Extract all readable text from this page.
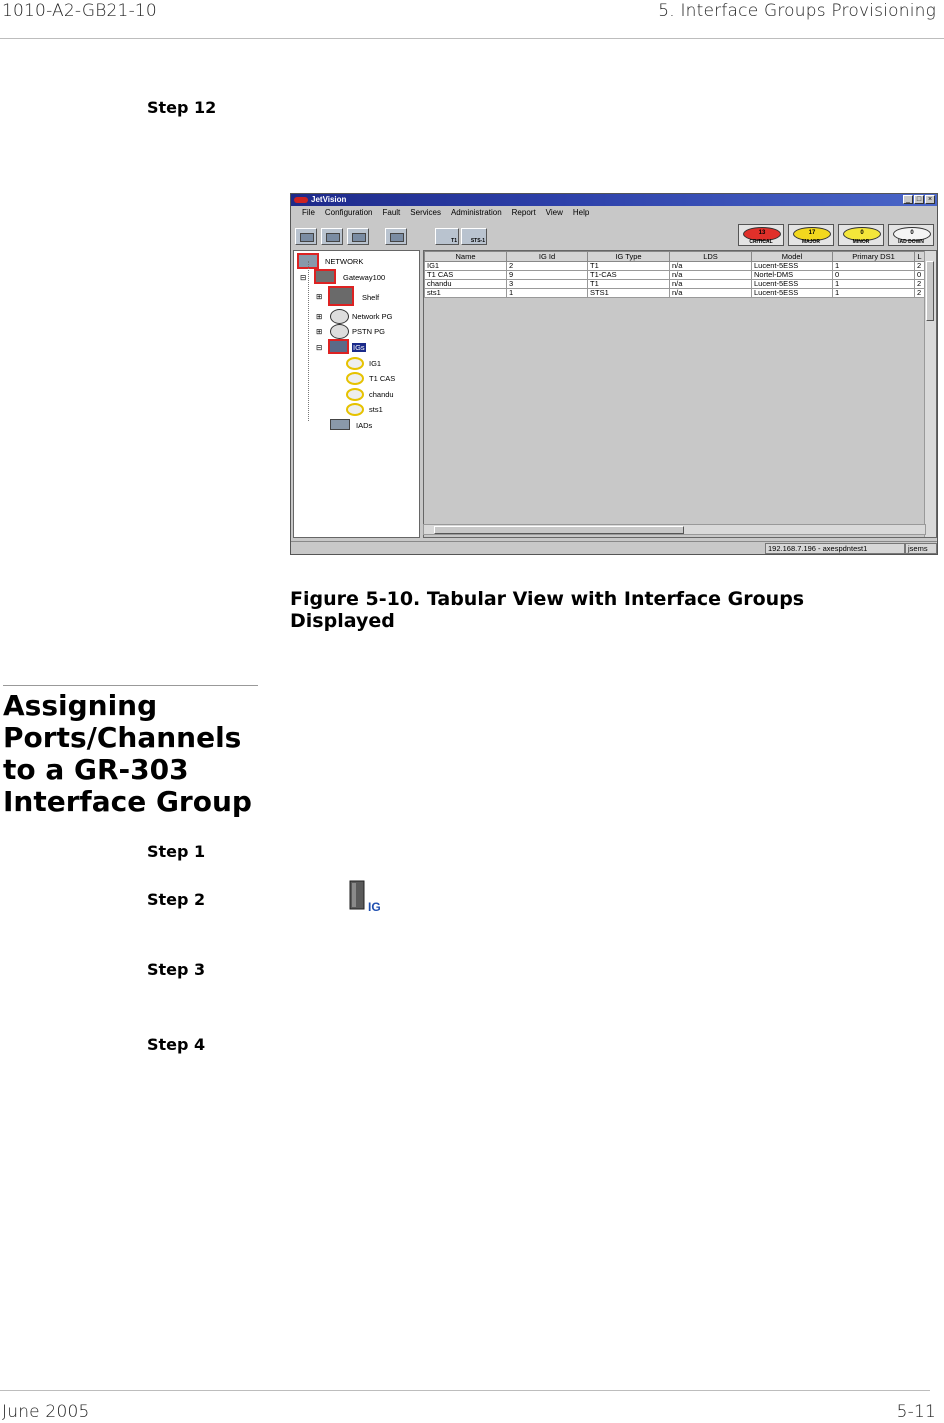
1010-A2-GB21-10	5. Interface Groups Provisioning
Step 12
JetVision	_ □ ×
File	Configuration	Fault	Services	Administration	Report	View	Help
T1	STS-1
13
CRITICAL
17
MAJOR
0
MINOR
0
IAD DOWN
NETWORK
⊟	Gateway100
⊞	Shelf
⊞	Network PG
⊞	PSTN PG
⊟	IGs
IG1
T1 CAS
chandu
sts1
IADs
Name	IG Id	IG Type	LDS	Model	Primary DS1	L
IG1	2	T1	n/a	Lucent-5ESS	1	2
T1 CAS	9	T1-CAS	n/a	Nortel-DMS	0	0
chandu	3	T1	n/a	Lucent-5ESS	1	2
sts1	1	STS1	n/a	Lucent-5ESS	1	2
192.168.7.196 - axespdntest1	jsems
Figure 5-10. Tabular View with Interface Groups
Displayed
Assigning
Ports/Channels
to a GR-303
Interface Group
Step 1
Step 2	IG
Step 3
Step 4
June 2005	5-11
